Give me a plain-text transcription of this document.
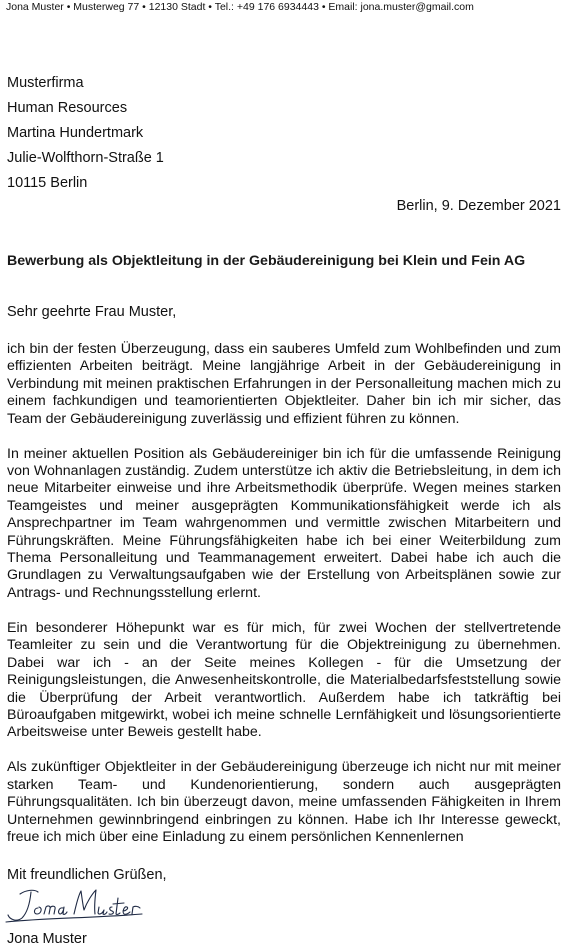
Jona Muster • Musterweg 77 • 12130 Stadt • Tel.: +49 176 6934443 • Email: jona.muster@gmail.com
Musterfirma
Human Resources
Martina Hundertmark
Julie-Wolfthorn-Straße 1
10115 Berlin
Berlin, 9. Dezember 2021
Bewerbung als Objektleitung in der Gebäudereinigung bei Klein und Fein AG
Sehr geehrte Frau Muster,

ich bin der festen Überzeugung, dass ein sauberes Umfeld zum Wohlbefinden und zum effizienten Arbeiten beiträgt. Meine langjährige Arbeit in der Gebäudereinigung in Verbindung mit meinen praktischen Erfahrungen in der Personalleitung machen mich zu einem fachkundigen und teamorientierten Objektleiter. Daher bin ich mir sicher, das Team der Gebäudereinigung zuverlässig und effizient führen zu können.

In meiner aktuellen Position als Gebäudereiniger bin ich für die umfassende Reinigung von Wohnanlagen zuständig. Zudem unterstütze ich aktiv die Betriebsleitung, in dem ich neue Mitarbeiter einweise und ihre Arbeitsmethodik überprüfe. Wegen meines starken Teamgeistes und meiner ausgeprägten Kommunikationsfähigkeit werde ich als Ansprechpartner im Team wahrgenommen und vermittle zwischen Mitarbeitern und Führungskräften. Meine Führungsfähigkeiten habe ich bei einer Weiterbildung zum Thema Personalleitung und Teammanagement erweitert. Dabei habe ich auch die Grundlagen zu Verwaltungsaufgaben wie der Erstellung von Arbeitsplänen sowie zur Antrags- und Rechnungsstellung erlernt.

Ein besonderer Höhepunkt war es für mich, für zwei Wochen der stellvertretende Teamleiter zu sein und die Verantwortung für die Objektreinigung zu übernehmen. Dabei war ich - an der Seite meines Kollegen - für die Umsetzung der Reinigungsleistungen, die Anwesenheitskontrolle, die Materialbedarfsfeststellung sowie die Überprüfung der Arbeit verantwortlich. Außerdem habe ich tatkräftig bei Büroaufgaben mitgewirkt, wobei ich meine schnelle Lernfähigkeit und lösungsorientierte Arbeitsweise unter Beweis gestellt habe.

Als zukünftiger Objektleiter in der Gebäudereinigung überzeuge ich nicht nur mit meiner starken Team- und Kundenorientierung, sondern auch ausgeprägten Führungsqualitäten. Ich bin überzeugt davon, meine umfassenden Fähigkeiten in Ihrem Unternehmen gewinnbringend einbringen zu können. Habe ich Ihr Interesse geweckt, freue ich mich über eine Einladung zu einem persönlichen Kennenlernen

Mit freundlichen Grüßen,
Jona Muster
